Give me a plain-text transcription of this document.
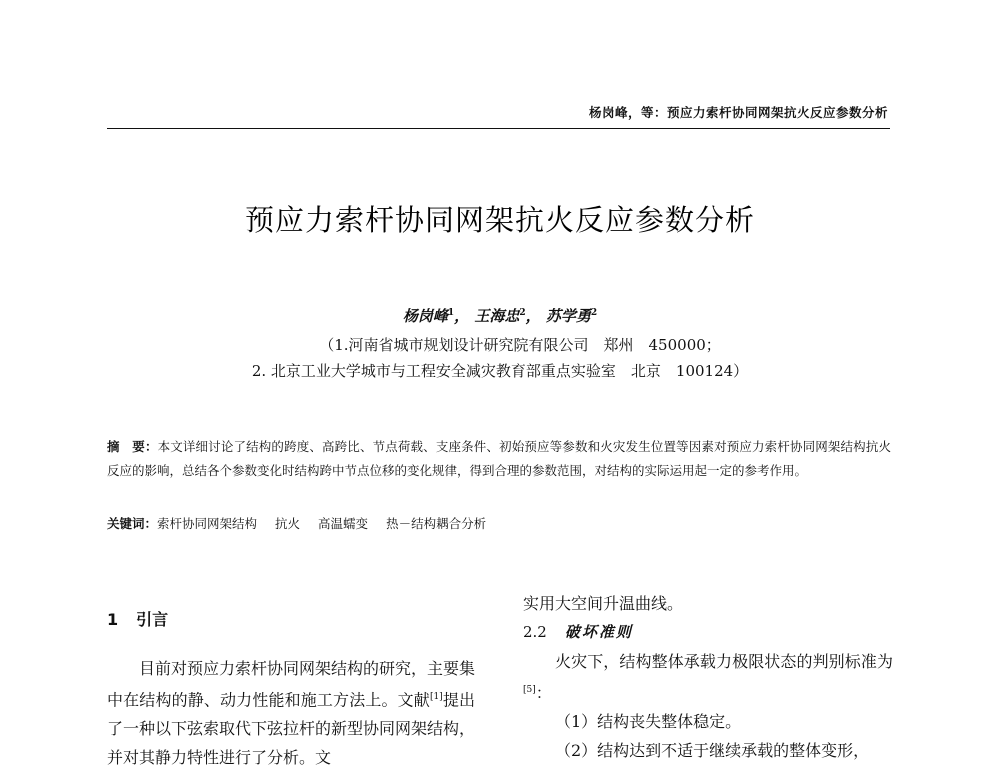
杨岗峰，等：预应力索杆协同网架抗火反应参数分析
预应力索杆协同网架抗火反应参数分析
杨岗峰$^1$， 王海忠$^2$， 苏学勇$^2$
（1.河南省城市规划设计研究院有限公司　郑州　450000；
2. 北京工业大学城市与工程安全减灾教育部重点实验室　北京　100124）
摘　要：本文详细讨论了结构的跨度、高跨比、节点荷载、支座条件、初始预应等参数和火灾发生位置等因素对预应力索杆协同网架结构抗火反应的影响，总结各个参数变化时结构跨中节点位移的变化规律，得到合理的参数范围，对结构的实际运用起一定的参考作用。
关键词：索杆协同网架结构 抗火 高温蠕变 热－结构耦合分析
1 引言
目前对预应力索杆协同网架结构的研究，主要集中在结构的静、动力性能和施工方法上。文献[1]提出了一种以下弦索取代下弦拉杆的新型协同网架结构，并对其静力特性进行了分析。文
实用大空间升温曲线。
2.2 破坏准则
火灾下，结构整体承载力极限状态的判别标准为[5]：
（1）结构丧失整体稳定。
（2）结构达到不适于继续承载的整体变形，
